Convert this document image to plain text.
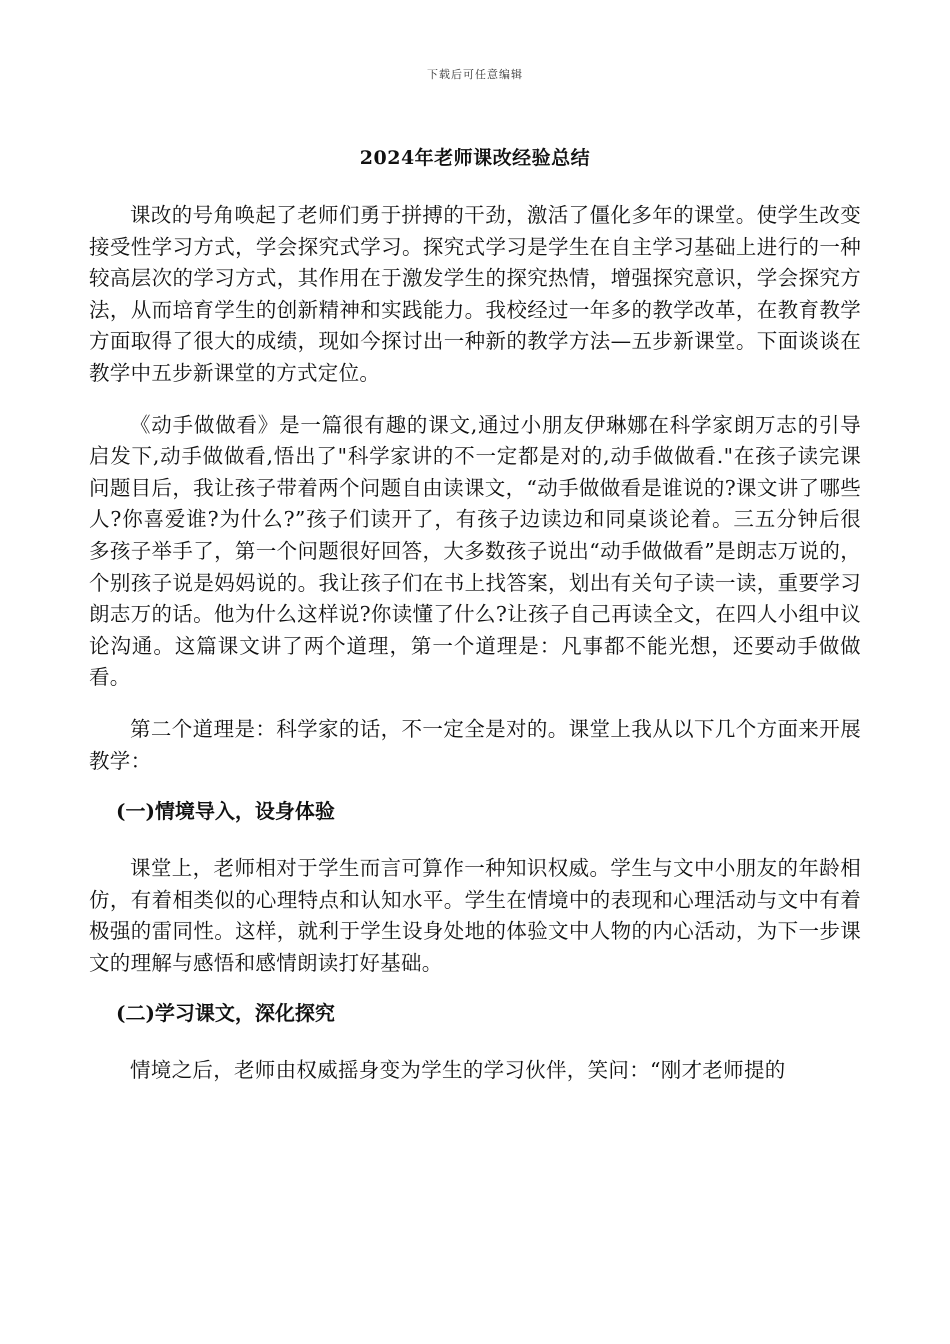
下载后可任意编辑
2024年老师课改经验总结

课改的号角唤起了老师们勇于拼搏的干劲，激活了僵化多年的课堂。使学生改变接受性学习方式，学会探究式学习。探究式学习是学生在自主学习基础上进行的一种较高层次的学习方式，其作用在于激发学生的探究热情，增强探究意识，学会探究方法，从而培育学生的创新精神和实践能力。我校经过一年多的教学改革，在教育教学方面取得了很大的成绩，现如今探讨出一种新的教学方法—五步新课堂。下面谈谈在教学中五步新课堂的方式定位。

《动手做做看》是一篇很有趣的课文,通过小朋友伊琳娜在科学家朗万志的引导启发下,动手做做看,悟出了"科学家讲的不一定都是对的,动手做做看."在孩子读完课问题目后，我让孩子带着两个问题自由读课文，“动手做做看是谁说的?课文讲了哪些人?你喜爱谁?为什么?”孩子们读开了，有孩子边读边和同桌谈论着。三五分钟后很多孩子举手了，第一个问题很好回答，大多数孩子说出“动手做做看”是朗志万说的，个别孩子说是妈妈说的。我让孩子们在书上找答案，划出有关句子读一读，重要学习朗志万的话。他为什么这样说?你读懂了什么?让孩子自己再读全文，在四人小组中议论沟通。这篇课文讲了两个道理，第一个道理是：凡事都不能光想，还要动手做做看。

第二个道理是：科学家的话，不一定全是对的。课堂上我从以下几个方面来开展教学：

(一)情境导入，设身体验

课堂上，老师相对于学生而言可算作一种知识权威。学生与文中小朋友的年龄相仿，有着相类似的心理特点和认知水平。学生在情境中的表现和心理活动与文中有着极强的雷同性。这样，就利于学生设身处地的体验文中人物的内心活动，为下一步课文的理解与感悟和感情朗读打好基础。

(二)学习课文，深化探究

情境之后，老师由权威摇身变为学生的学习伙伴，笑问：“刚才老师提的
